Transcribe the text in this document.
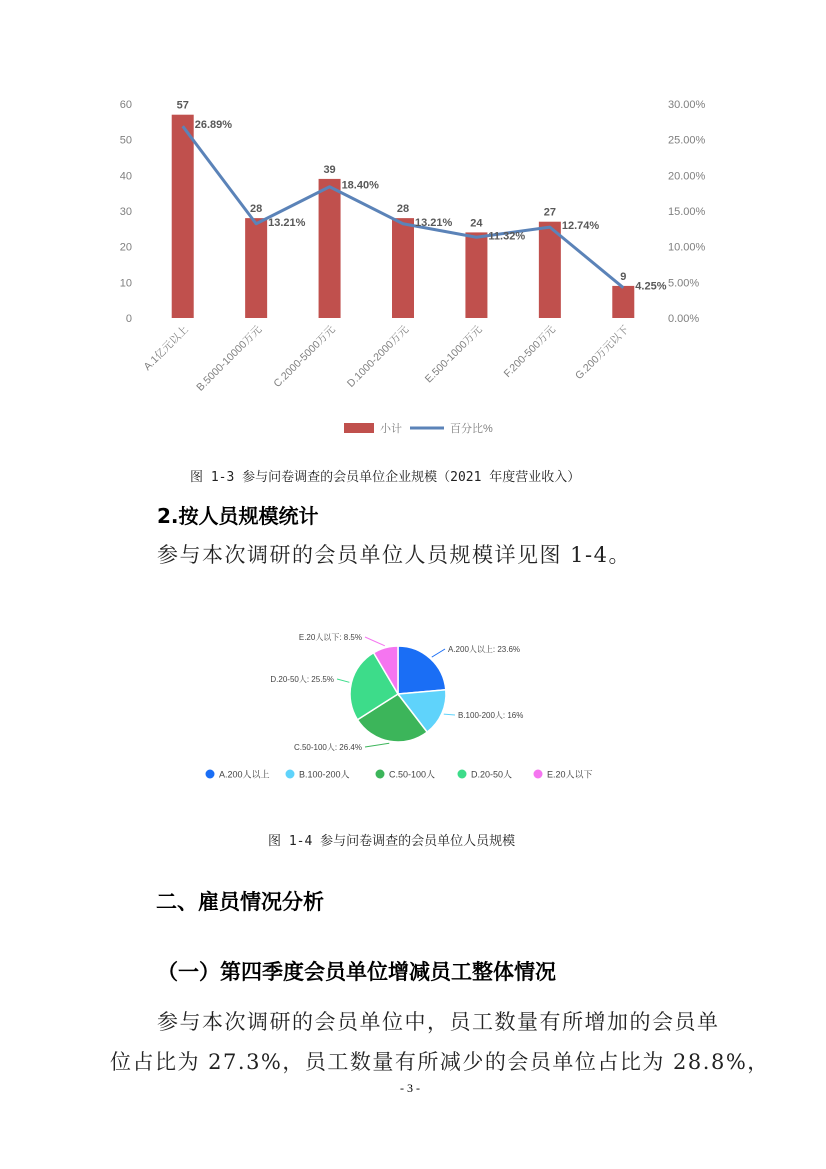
0
10
20
30
40
50
60
0.00%
5.00%
10.00%
15.00%
20.00%
25.00%
30.00%
57
A.1亿元以上
28
B.5000-10000万元
39
C.2000-5000万元
28
D.1000-2000万元
24
E.500-1000万元
27
F.200-500万元
9
G.200万元以下
26.89%
13.21%
18.40%
13.21%
11.32%
12.74%
4.25%
小计	百分比%
图 1-3 参与问卷调查的会员单位企业规模（2021 年度营业收入）
2.按人员规模统计
参与本次调研的会员单位人员规模详见图 1-4。
A.200人以上: 23.6%
B.100-200人: 16%
C.50-100人: 26.4%
D.20-50人: 25.5%
E.20人以下: 8.5%
A.200人以上	B.100-200人	C.50-100人	D.20-50人	E.20人以下
图 1-4 参与问卷调查的会员单位人员规模
二、雇员情况分析
（一）第四季度会员单位增减员工整体情况
参与本次调研的会员单位中，员工数量有所增加的会员单
位占比为 27.3%，员工数量有所减少的会员单位占比为 28.8%，
- 3 -
